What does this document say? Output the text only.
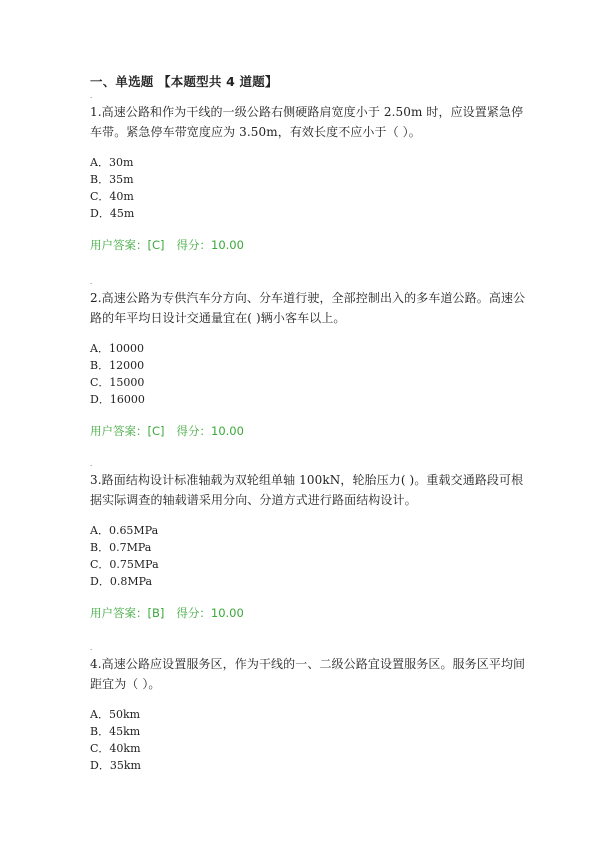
一、单选题 【本题型共 4 道题】
.

1.高速公路和作为干线的一级公路右侧硬路肩宽度小于 2.50m 时，应设置紧急停车带。紧急停车带宽度应为 3.50m，有效长度不应小于（ ）。

A．30m
B．35m
C．40m
D．45m
用户答案：[C] 得分：10.00
.

2.高速公路为专供汽车分方向、分车道行驶，全部控制出入的多车道公路。高速公路的年平均日设计交通量宜在( )辆小客车以上。

A．10000
B．12000
C．15000
D．16000
用户答案：[C] 得分：10.00
.

3.路面结构设计标准轴载为双轮组单轴 100kN，轮胎压力( )。重载交通路段可根据实际调查的轴载谱采用分向、分道方式进行路面结构设计。

A．0.65MPa
B．0.7MPa
C．0.75MPa
D．0.8MPa
用户答案：[B] 得分：10.00
.

4.高速公路应设置服务区，作为干线的一、二级公路宜设置服务区。服务区平均间距宜为（ ）。

A．50km
B．45km
C．40km
D．35km
